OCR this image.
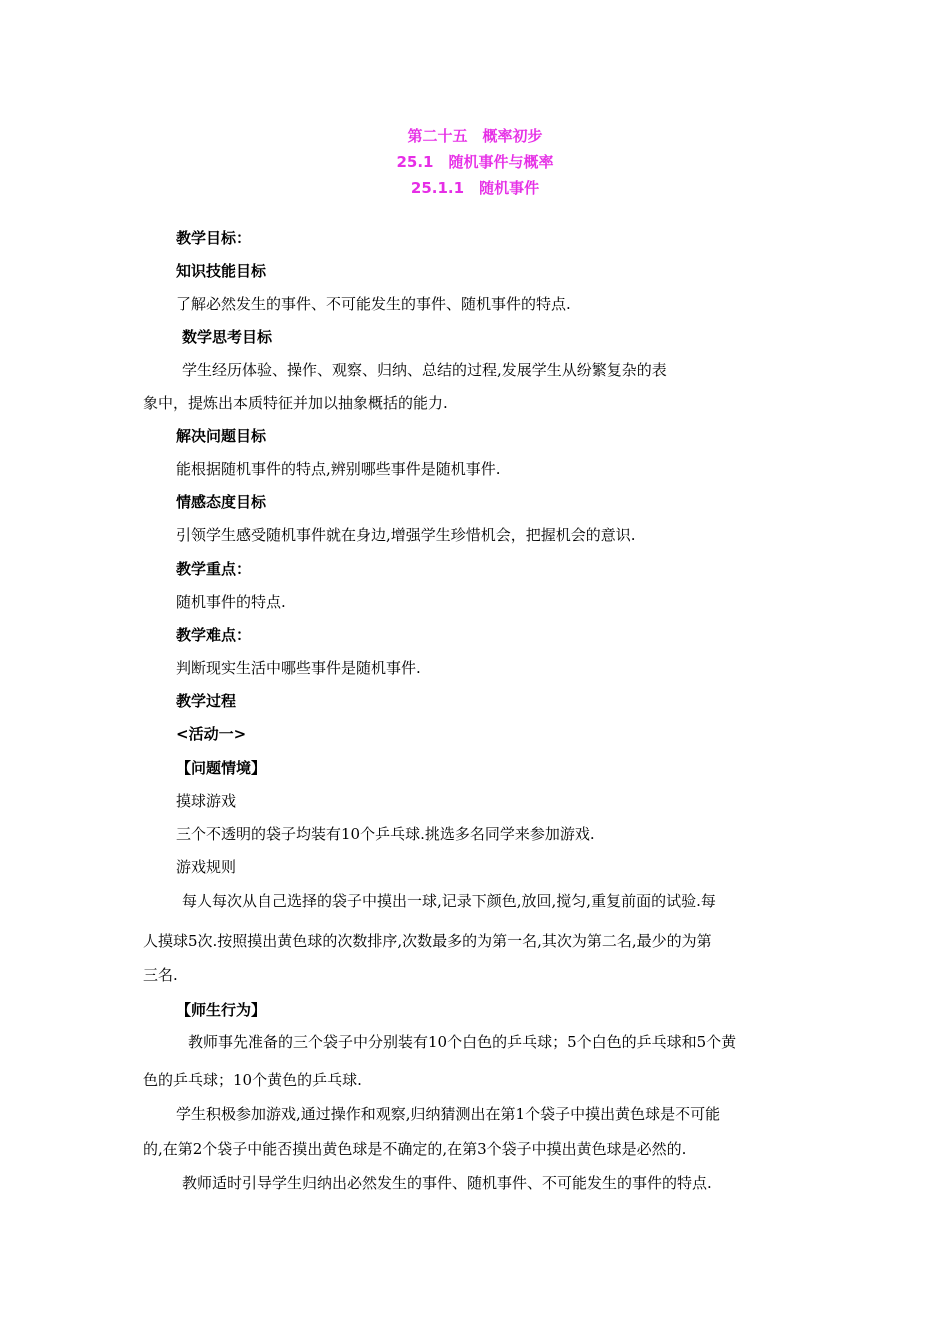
第二十五　概率初步
25.1　随机事件与概率
25.1.1　随机事件
教学目标：
知识技能目标
了解必然发生的事件、不可能发生的事件、随机事件的特点.
数学思考目标
学生经历体验、操作、观察、归纳、总结的过程,发展学生从纷繁复杂的表
象中，提炼出本质特征并加以抽象概括的能力.
解决问题目标
能根据随机事件的特点,辨别哪些事件是随机事件.
情感态度目标
引领学生感受随机事件就在身边,增强学生珍惜机会，把握机会的意识.
教学重点：
随机事件的特点.
教学难点：
判断现实生活中哪些事件是随机事件.
教学过程
<活动一>
【问题情境】
摸球游戏
三个不透明的袋子均装有10个乒乓球.挑选多名同学来参加游戏.
游戏规则
每人每次从自己选择的袋子中摸出一球,记录下颜色,放回,搅匀,重复前面的试验.每
人摸球5次.按照摸出黄色球的次数排序,次数最多的为第一名,其次为第二名,最少的为第
三名.
【师生行为】
教师事先准备的三个袋子中分别装有10个白色的乒乓球；5个白色的乒乓球和5个黄
色的乒乓球；10个黄色的乒乓球.
学生积极参加游戏,通过操作和观察,归纳猜测出在第1个袋子中摸出黄色球是不可能
的,在第2个袋子中能否摸出黄色球是不确定的,在第3个袋子中摸出黄色球是必然的.
教师适时引导学生归纳出必然发生的事件、随机事件、不可能发生的事件的特点.
